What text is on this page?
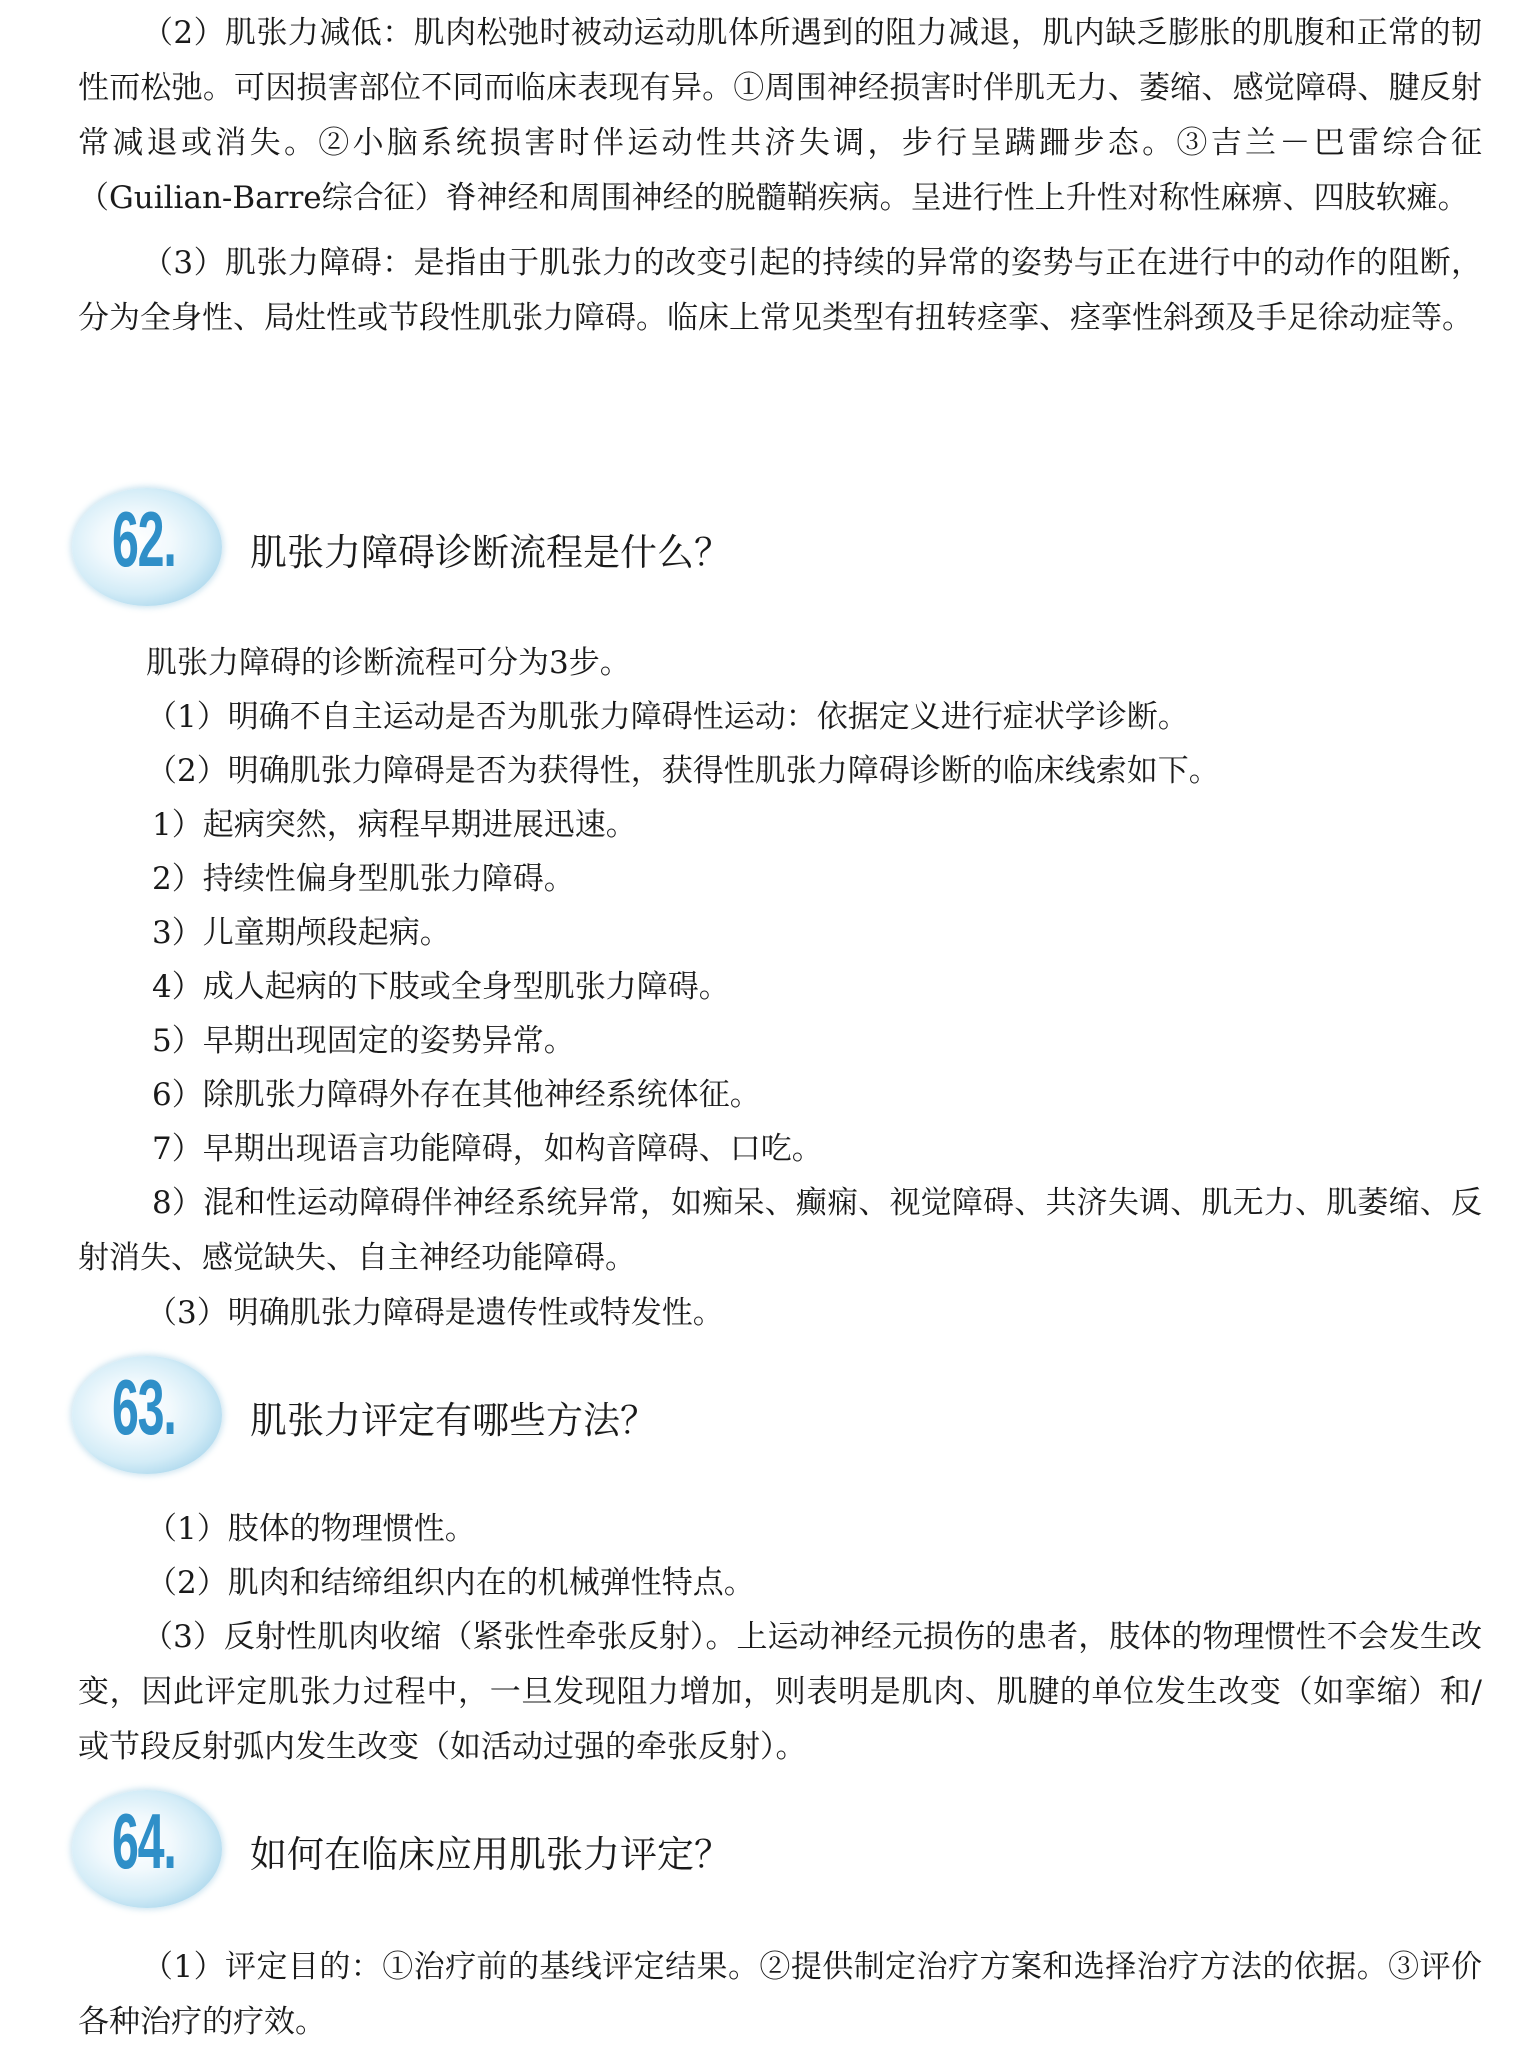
（2）肌张力减低：肌肉松弛时被动运动肌体所遇到的阻力减退，肌内缺乏膨胀的肌腹和正常的韧性而松弛。可因损害部位不同而临床表现有异。①周围神经损害时伴肌无力、萎缩、感觉障碍、腱反射常减退或消失。②小脑系统损害时伴运动性共济失调，步行呈蹒跚步态。③吉兰－巴雷综合征（Guilian-Barre综合征）脊神经和周围神经的脱髓鞘疾病。呈进行性上升性对称性麻痹、四肢软瘫。

（3）肌张力障碍：是指由于肌张力的改变引起的持续的异常的姿势与正在进行中的动作的阻断，分为全身性、局灶性或节段性肌张力障碍。临床上常见类型有扭转痉挛、痉挛性斜颈及手足徐动症等。

62. 肌张力障碍诊断流程是什么？

肌张力障碍的诊断流程可分为3步。

（1）明确不自主运动是否为肌张力障碍性运动：依据定义进行症状学诊断。

（2）明确肌张力障碍是否为获得性，获得性肌张力障碍诊断的临床线索如下。

1）起病突然，病程早期进展迅速。

2）持续性偏身型肌张力障碍。

3）儿童期颅段起病。

4）成人起病的下肢或全身型肌张力障碍。

5）早期出现固定的姿势异常。

6）除肌张力障碍外存在其他神经系统体征。

7）早期出现语言功能障碍，如构音障碍、口吃。

8）混和性运动障碍伴神经系统异常，如痴呆、癫痫、视觉障碍、共济失调、肌无力、肌萎缩、反射消失、感觉缺失、自主神经功能障碍。

（3）明确肌张力障碍是遗传性或特发性。

63. 肌张力评定有哪些方法？

（1）肢体的物理惯性。

（2）肌肉和结缔组织内在的机械弹性特点。

（3）反射性肌肉收缩（紧张性牵张反射）。上运动神经元损伤的患者，肢体的物理惯性不会发生改变，因此评定肌张力过程中，一旦发现阻力增加，则表明是肌肉、肌腱的单位发生改变（如挛缩）和/或节段反射弧内发生改变（如活动过强的牵张反射）。

64. 如何在临床应用肌张力评定？

（1）评定目的：①治疗前的基线评定结果。②提供制定治疗方案和选择治疗方法的依据。③评价各种治疗的疗效。
